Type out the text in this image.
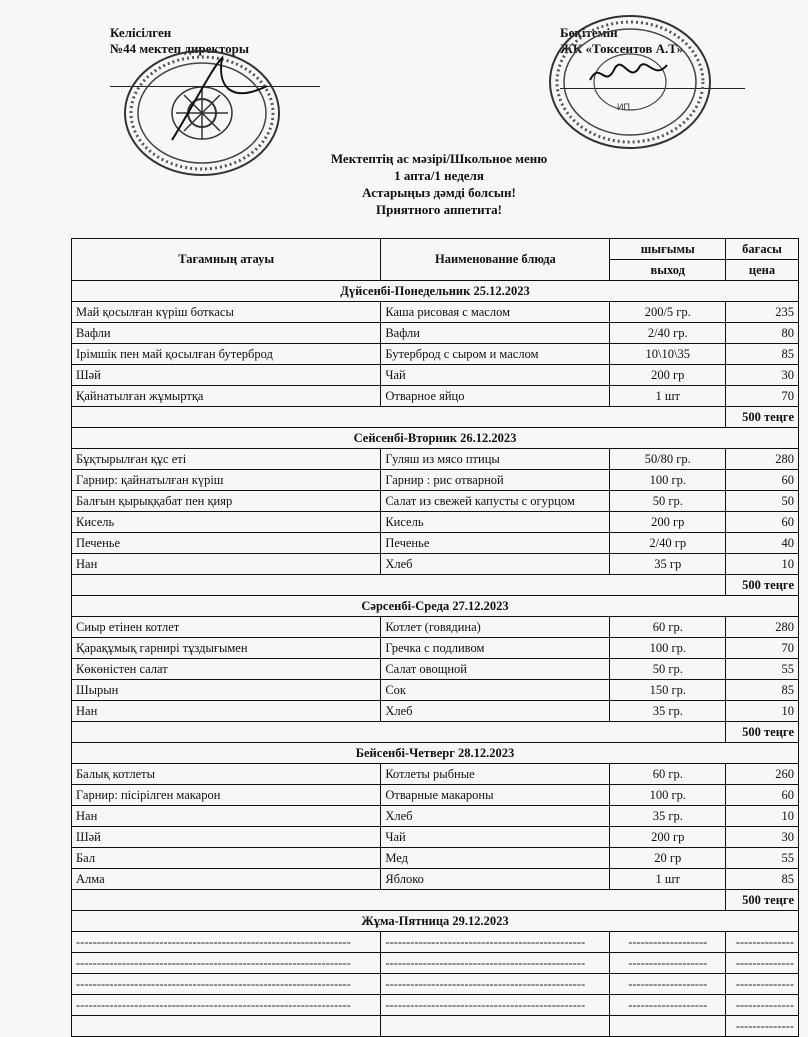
Келісілген
№44 мектеп директоры
Бекітемін
ЖК «Токсеитов А.Т»
ИП
Мектептің ас мәзірі/Школьное меню
1 апта/1 неделя
Астарыңыз дәмді болсын!
Приятного аппетита!
Тағамның атауы	Наименование блюда	шығымы	бағасы
		выход	цена
Дүйсенбі-Понедельник 25.12.2023			
Май қосылған күріш боткасы	Каша рисовая с маслом	200/5 гр.	235
Вафли	Вафли	2/40 гр.	80
Ірімшік пен май қосылған бутерброд	Бутерброд с сыром и маслом	10\10\35	85
Шәй	Чай	200 гр	30
Қайнатылған жұмыртқа	Отварное яйцо	1 шт	70
			500 теңге
Сейсенбі-Вторник 26.12.2023			
Бұқтырылған құс еті	Гуляш из мясо птицы	50/80 гр.	280
Гарнир: қайнатылған күріш	Гарнир : рис отварной	100 гр.	60
Балғын қырыққабат пен қияр	Салат из свежей капусты с огурцом	50 гр.	50
Кисель	Кисель	200 гр	60
Печенье	Печенье	2/40 гр	40
Нан	Хлеб	35 гр	10
			500 теңге
Сәрсенбі-Среда 27.12.2023			
Сиыр етінен котлет	Котлет (говядина)	60 гр.	280
Қарақұмық гарнирі тұздығымен	Гречка с подливом	100 гр.	70
Көкөністен салат	Салат овощной	50 гр.	55
Шырын	Сок	150 гр.	85
Нан	Хлеб	35 гр.	10
			500 теңге
Бейсенбі-Четверг 28.12.2023			
Балық котлеты	Котлеты рыбные	60 гр.	260
Гарнир: пісірілген макарон	Отварные макароны	100 гр.	60
Нан	Хлеб	35 гр.	10
Шәй	Чай	200 гр	30
Бал	Мед	20 гр	55
Алма	Яблоко	1 шт	85
			500 теңге
Жұма-Пятница 29.12.2023			
------------------------------------------------------------------	------------------------------------------------	-------------------	--------------
------------------------------------------------------------------	------------------------------------------------	-------------------	--------------
------------------------------------------------------------------	------------------------------------------------	-------------------	--------------
------------------------------------------------------------------	------------------------------------------------	-------------------	--------------
			--------------
